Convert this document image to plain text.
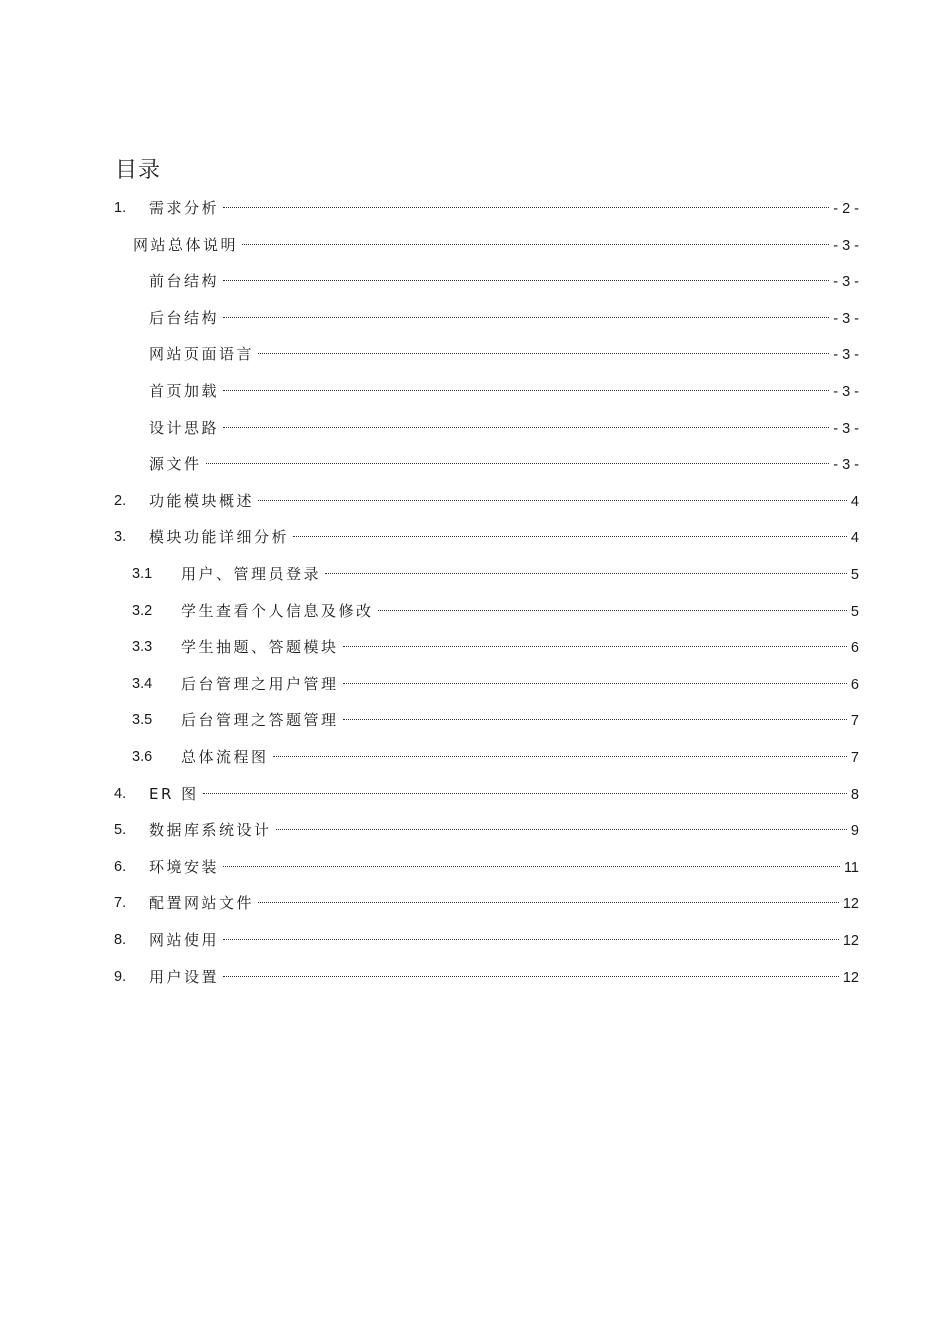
目录
1. 需求分析	- 2 -
网站总体说明	- 3 -
前台结构	- 3 -
后台结构	- 3 -
网站页面语言	- 3 -
首页加载	- 3 -
设计思路	- 3 -
源文件	- 3 -
2. 功能模块概述	4
3. 模块功能详细分析	4
3.1 用户、管理员登录	5
3.2 学生查看个人信息及修改	5
3.3 学生抽题、答题模块	6
3.4 后台管理之用户管理	6
3.5 后台管理之答题管理	7
3.6 总体流程图	7
4. ER 图	8
5. 数据库系统设计	9
6. 环境安装	11
7. 配置网站文件	12
8. 网站使用	12
9. 用户设置	12
